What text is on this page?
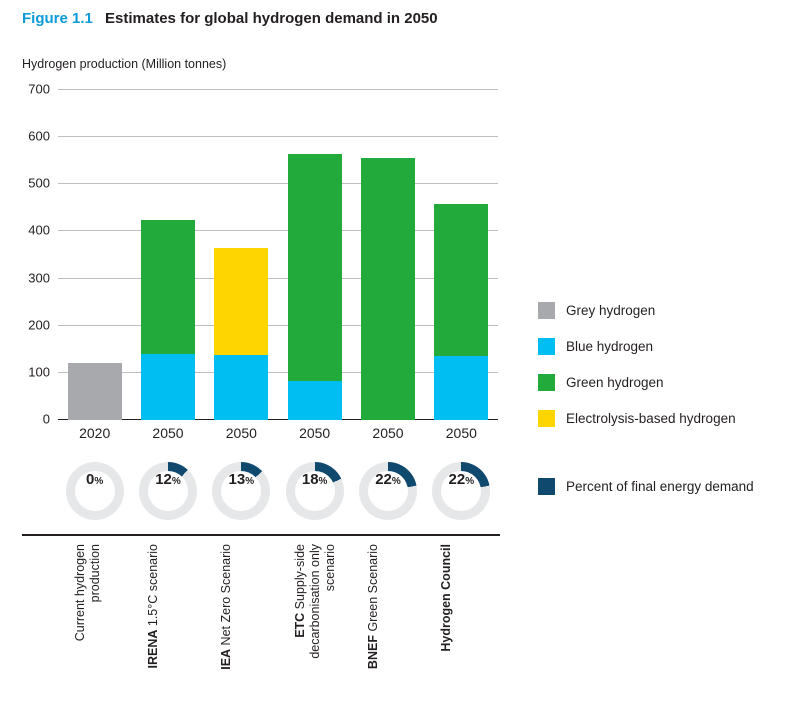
Figure 1.1 Estimates for global hydrogen demand in 2050
Hydrogen production (Million tonnes)
0
100
200
300
400
500
600
700
2020	2050	2050	2050	2050	2050
0 %	12 %	13 %	18 %	22 %	22 %
Current hydrogen production
IRENA 1.5°C scenario
IEA Net Zero Scenario	ETC Supply-side decarbonisation only scenario
BNEF Green Scenario	Hydrogen Council
Grey hydrogen
Blue hydrogen
Green hydrogen
Electrolysis-based hydrogen
Percent of final energy demand
